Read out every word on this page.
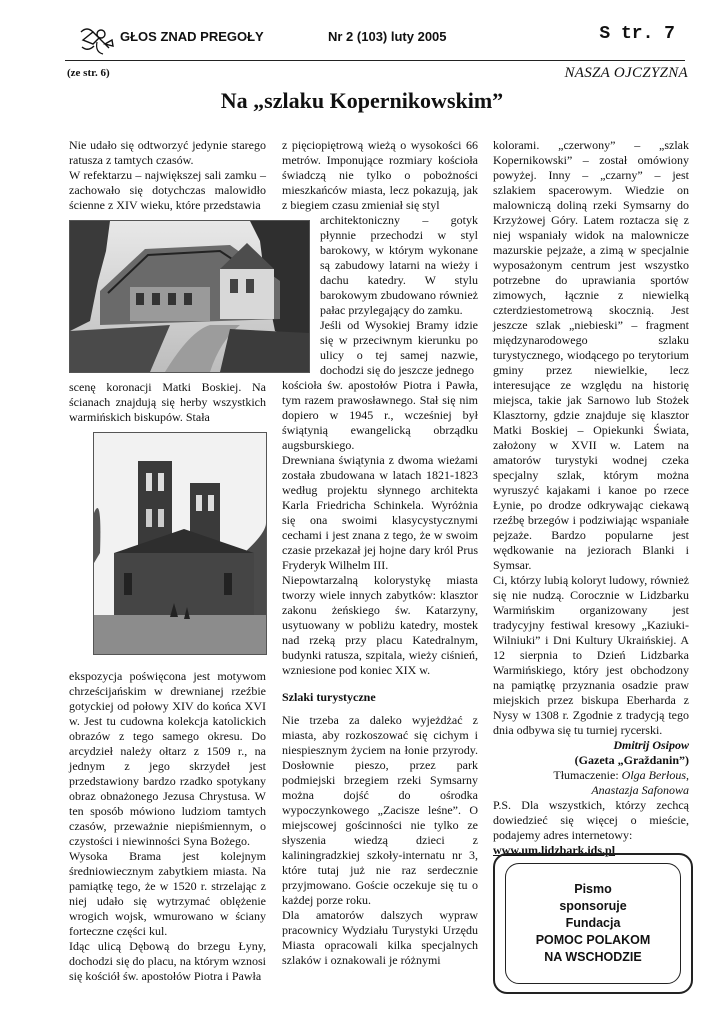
GŁOS ZNAD PREGOŁY	Nr 2 (103) luty 2005	S tr. 7
(ze str. 6)	NASZA OJCZYZNA
Na „szlaku Kopernikowskim”

Nie udało się odtworzyć jedynie starego ratusza z tamtych czasów.

W refektarzu – największej sali zamku –zachowało się dotychczas malowidło ścienne z XIV wieku, które przedstawia

scenę koronacji Matki Boskiej. Na ścianach znajdują się herby wszystkich warmińskich biskupów. Stała

ekspozycja poświęcona jest motywom chrześcijańskim w drewnianej rzeźbie gotyckiej od połowy XIV do końca XVI w. Jest tu cudowna kolekcja katolickich obrazów z tego samego okresu. Do arcydzieł należy ołtarz z 1509 r., na jednym z jego skrzydeł jest przedstawiony bardzo rzadko spotykany obraz obnażonego Jezusa Chrystusa. W ten sposób mówiono ludziom tamtych czasów, przeważnie niepiśmiennym, o czystości i niewinności Syna Bożego.

Wysoka Brama jest kolejnym średniowiecznym zabytkiem miasta. Na pamiątkę tego, że w 1520 r. strzelając z niej udało się wytrzymać oblężenie wrogich wojsk, wmurowano w ściany fortecznе części kul.

Idąc ulicą Dębową do brzegu Łyny, dochodzi się do placu, na którym wznosi się kościół św. apostołów Piotra i Pawła

z pięciopiętrową wieżą o wysokości 66 metrów. Imponujące rozmiary kościoła świadczą nie tylko o pobożności mieszkańców miasta, lecz pokazują, jak z biegiem czasu zmieniał się styl

architektoniczny – gotyk płynnie przechodzi w styl barokowy, w którym wykonane są zabudowy latarni na wieży i dachu katedry. W stylu barokowym zbudowano również pałac przylegający do zamku.

Jeśli od Wysokiej Bramy idzie się w przeciwnym kierunku po ulicy o tej samej nazwie, dochodzi się do jeszcze jednego

kościoła św. apostołów Piotra i Pawła, tym razem prawosławnego. Stał się nim dopiero w 1945 r., wcześniej był świątynią ewangelicką obrządku augsburskiego.

Drewniana świątynia z dwoma wieżami została zbudowana w latach 1821-1823 według projektu słynnego architekta Karla Friedricha Schinkela. Wyróżnia się ona swoimi klasycystycznymi cechami i jest znana z tego, że w swoim czasie przekazał jej hojne dary król Prus Fryderyk Wilhelm III.

Niepowtarzalną kolorystykę miasta tworzy wiele innych zabytków: klasztor zakonu żeńskiego św. Katarzyny, usytuowany w pobliżu katedry, mostek nad rzeką przy placu Katedralnym, budynki ratusza, szpitala, wieży ciśnień, wzniesione pod koniec XIX w.

Szlaki turystyczne

Nie trzeba za daleko wyjeżdżać z miasta, aby rozkoszować się cichym i niespiesznym życiem na łonie przyrody. Dosłownie pieszo, przez park podmiejski brzegiem rzeki Symsarny można dojść do ośrodka wypoczynkowego „Zacisze leśne”. O miejscowej gościnności nie tylko ze słyszenia wiedzą dzieci z kaliningradzkiej szkoły-internatu nr 3, które tutaj już nie raz serdecznie przyjmowano. Goście oczekuje się tu o każdej porze roku.

Dla amatorów dalszych wypraw pracownicy Wydziału Turystyki Urzędu Miasta opracowali kilka specjalnych szlaków i oznakowali je różnymi

kolorami. „czerwony” – „szlak Kopernikowski” – został omówiony powyżej. Inny – „czarny” – jest szlakiem spacerowym. Wiedzie on malowniczą doliną rzeki Symsarny do Krzyżowej Góry. Latem roztacza się z niej wspaniały widok na malownicze mazurskie pejzaże, a zimą w specjalnie wyposażonym centrum jest wszystko potrzebne do uprawiania sportów zimowych, łącznie z niewielką czterdziestometrową skocznią. Jest jeszcze szlak „niebieski” – fragment międzynarodowego szlaku turystycznego, wiodącego po terytorium gminy przez niewielkie, lecz interesujące ze względu na historię miejsca, takie jak Sarnowo lub Stożek Klasztorny, gdzie znajduje się klasztor Matki Boskiej – Opiekunki Świata, założony w XVII w. Latem na amatorów turystyki wodnej czeka specjalny szlak, którym można wyruszyć kajakami i kanoe po rzece Łynie, po drodze odkrywając ciekawą rzeźbę brzegów i podziwiając wspaniałe pejzaże. Bardzo popularne jest wędkowanie na jeziorach Blanki i Symsar.

Ci, którzy lubią koloryt ludowy, również się nie nudzą. Corocznie w Lidzbarku Warmińskim organizowany jest tradycyjny festiwal kresowy „Kaziuki-Wilniuki” i Dni Kultury Ukraińskiej. A 12 sierpnia to Dzień Lidzbarka Warmińskiego, który jest obchodzony na pamiątkę przyznania osadzie praw miejskich przez biskupa Eberharda z Nysy w 1308 r. Zgodnie z tradycją tego dnia odbywa się tu turniej rycerski.

Dmitrij Osipow

(Gazeta „Graždanin”)

Tłumaczenie: Olga Berłous,

Anastazja Safonowa

P.S. Dla wszystkich, którzy zechcą dowiedzieć się więcej o mieście, podajemy adres internetowy:

www.um.lidzbark.ids.pl

Pismo
sponsoruje
Fundacja
POMOC POLAKOM
NA WSCHODZIE
